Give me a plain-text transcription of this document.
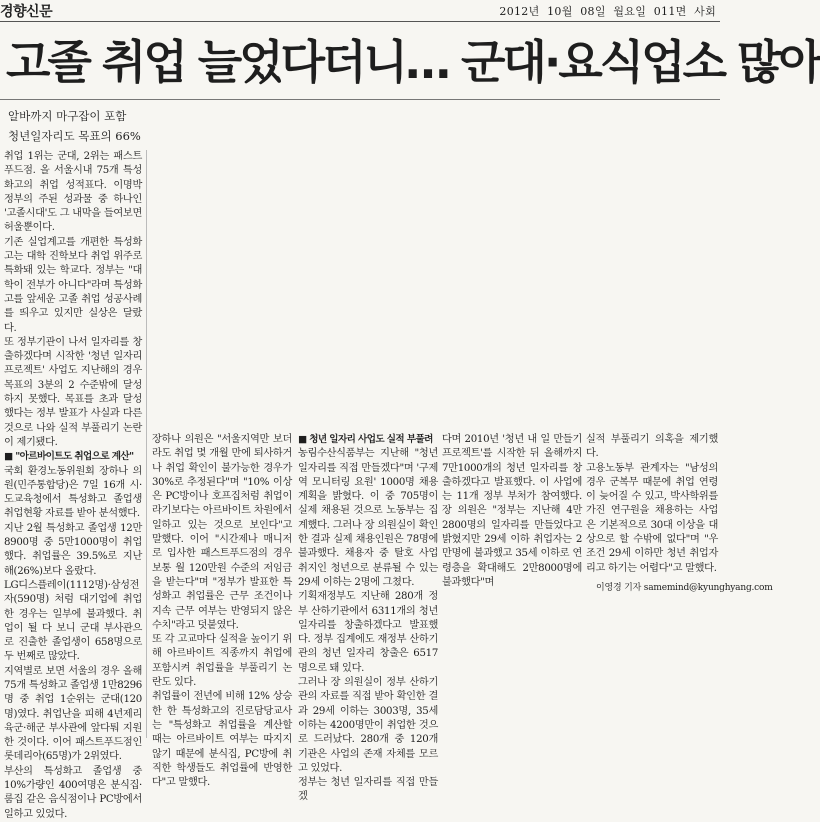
경향신문	2012년  10월  08일  월요일  011면  사회
고졸 취업 늘었다더니… 군대·요식업소 많아
알바까지 마구잡이 포함
청년일자리도 목표의 66%

취업 1위는 군대, 2위는 패스트푸드점. 올 서울시내 75개 특성화고의 취업 성적표다. 이명박 정부의 주된 성과물 중 하나인 '고졸시대'도 그 내막을 들여보면 허울뿐이다.

기존 실업계고를 개편한 특성화고는 대학 진학보다 취업 위주로 특화돼 있는 학교다. 정부는 "대학이 전부가 아니다"라며 특성화고를 앞세운 고졸 취업 성공사례를 띄우고 있지만 실상은 달랐다.

또 정부기관이 나서 일자리를 창출하겠다며 시작한 '청년 일자리 프로젝트' 사업도 지난해의 경우 목표의 3분의 2 수준밖에 달성하지 못했다. 목표를 초과 달성했다는 정부 발표가 사실과 다른 것으로 나와 실적 부풀리기 논란이 제기됐다.

■ "아르바이트도 취업으로 계산"

국회 환경노동위원회 장하나 의원(민주통합당)은 7일 16개 시·도교육청에서 특성화고 졸업생 취업현황 자료를 받아 분석했다.

지난 2월 특성화고 졸업생 12만8900명 중 5만1000명이 취업했다. 취업률은 39.5%로 지난해(26%)보다 올랐다.

LG디스플레이(1112명)·삼성전자(590명) 처럼 대기업에 취업한 경우는 일부에 불과했다. 취업이 될 다 보니 군대 부사관으로 진출한 졸업생이 658명으로 두 번째로 많았다.

지역별로 보면 서울의 경우 올해 75개 특성화고 졸업생 1만8296명 중 취업 1순위는 군대(120명)였다. 취업난을 피해 4년제리 육군·해군 부사관에 앞다퉈 지원한 것이다. 이어 패스트푸드점인 롯데리아(65명)가 2위였다.

부산의 특성화고 졸업생 중 10%가량인 400여명은 분식집·룸집 같은 음식점이나 PC방에서 일하고 있었다.

장하나 의원은 "서울지역만 보더라도 취업 몇 개월 만에 퇴사하거나 취업 확인이 불가능한 경우가 30%로 추정된다"며 "10% 이상은 PC방이나 호프집처럼 취업이라기보다는 아르바이트 차원에서 일하고 있는 것으로 보인다"고 말했다. 이어 "시간제나 매니저로 입사한 패스트푸드점의 경우 보통 월 120만원 수준의 저임금을 받는다"며 "정부가 발표한 특성화고 취업률은 근무 조건이나 지속 근무 여부는 반영되지 않은 수치"라고 덧붙였다.

또 각 고교마다 실적을 높이기 위해 아르바이트 직종까지 취업에 포함시켜 취업률을 부풀리기 논란도 있다.

취업률이 전년에 비해 12% 상승한 한 특성화고의 진로담당교사는 "특성화고 취업률을 계산할 때는 아르바이트 여부는 따지지 않기 때문에 분식집, PC방에 취직한 학생들도 취업률에 반영한다"고 말했다.

■ 청년 일자리 사업도 실적 부풀려

농림수산식품부는 지난해 "청년 일자리를 직접 만들겠다"며 '구제역 모니터링 요원' 1000명 채용 계획을 밝혔다. 이 중 705명이 실제 채용된 것으로 노동부는 집계했다. 그러나 장 의원실이 확인한 결과 실제 채용인원은 78명에 불과했다. 채용자 중 탈호 사업 취지인 청년으로 분류될 수 있는 29세 이하는 2명에 그쳤다.

기획재정부도 지난해 280개 정부 산하기관에서 6311개의 청년 일자리를 창출하겠다고 발표했다. 정부 집계에도 재정부 산하기관의 청년 일자리 창출은 6517명으로 돼 있다.

그러나 장 의원실이 정부 산하기관의 자료를 직접 받아 확인한 결과 29세 이하는 3003명, 35세 이하는 4200명만이 취업한 것으로 드러났다. 280개 중 120개 기관은 사업의 존재 자체를 모르고 있었다.

정부는 청년 일자리를 직접 만들겠

다며 2010년 '청년 내 일 만들기 프로젝트'를 시작한 뒤 올해까지 7만1000개의 청년 일자리를 창출하겠다고 발표했다. 이 사업에는 11개 정부 부처가 참여했다. 장 의원은 "정부는 지난해 4만2800명의 일자리를 만들었다고 밝혔지만 29세 이하 취업자는 2만명에 불과했고 35세 이하로 연령층을 확대해도 2만8000명에 불과했다"며

실적 부풀리기 의혹을 제기했다.

고용노동부 관계자는 "남성의 경우 군복무 때문에 취업 연령이 늦어질 수 있고, 박사학위를 가진 연구원을 채용하는 사업은 기본적으로 30대 이상을 대상으로 할 수밖에 없다"며 "우조건 29세 이하만 청년 취업자리고 하기는 어렵다"고 말했다.

이영경 기자 samemind@kyunghyang.com
